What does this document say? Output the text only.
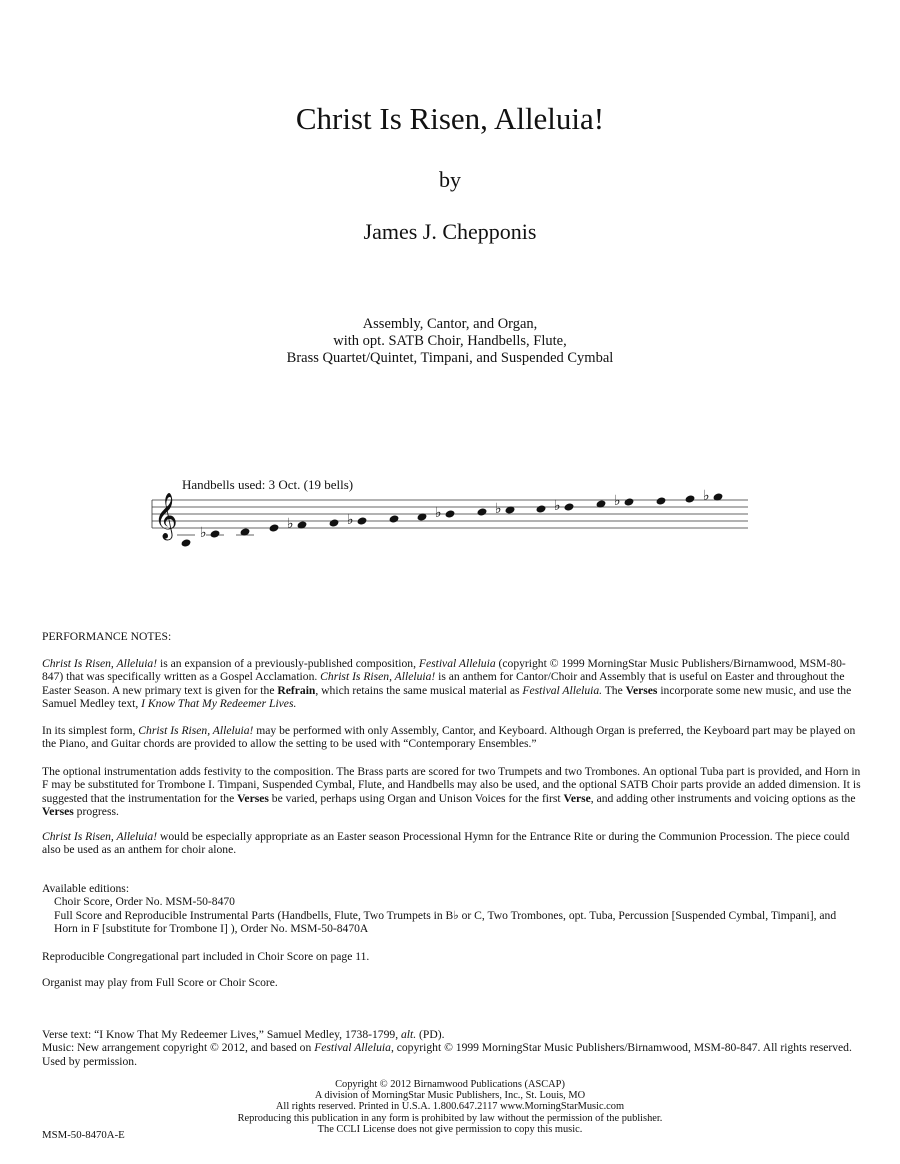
Christ Is Risen, Alleluia!
by
James J. Chepponis
Assembly, Cantor, and Organ,
with opt. SATB Choir, Handbells, Flute,
Brass Quartet/Quintet, Timpani, and Suspended Cymbal
Handbells used: 3 Oct. (19 bells)
𝄞 ♭
♭	♭	♭	♭	♭	♭	♭
PERFORMANCE NOTES:
Christ Is Risen, Alleluia! is an expansion of a previously-published composition, Festival Alleluia (copyright © 1999 MorningStar Music Publishers/Birnamwood, MSM-80-847) that was specifically written as a Gospel Acclamation. Christ Is Risen, Alleluia! is an anthem for Cantor/Choir and Assembly that is useful on Easter and throughout the Easter Season. A new primary text is given for the Refrain, which retains the same musical material as Festival Alleluia. The Verses incorporate some new music, and use the Samuel Medley text, I Know That My Redeemer Lives.
In its simplest form, Christ Is Risen, Alleluia! may be performed with only Assembly, Cantor, and Keyboard. Although Organ is preferred, the Keyboard part may be played on the Piano, and Guitar chords are provided to allow the setting to be used with “Contemporary Ensembles.”
The optional instrumentation adds festivity to the composition. The Brass parts are scored for two Trumpets and two Trombones. An optional Tuba part is provided, and Horn in F may be substituted for Trombone I. Timpani, Suspended Cymbal, Flute, and Handbells may also be used, and the optional SATB Choir parts provide an added dimension. It is suggested that the instrumentation for the Verses be varied, perhaps using Organ and Unison Voices for the first Verse, and adding other instruments and voicing options as the Verses progress.
Christ Is Risen, Alleluia! would be especially appropriate as an Easter season Processional Hymn for the Entrance Rite or during the Communion Procession. The piece could also be used as an anthem for choir alone.
Available editions:
Choir Score, Order No. MSM-50-8470
Full Score and Reproducible Instrumental Parts (Handbells, Flute, Two Trumpets in B♭ or C, Two Trombones, opt. Tuba, Percussion [Suspended Cymbal, Timpani], and Horn in F [substitute for Trombone I] ), Order No. MSM-50-8470A
Reproducible Congregational part included in Choir Score on page 11.
Organist may play from Full Score or Choir Score.
Verse text: “I Know That My Redeemer Lives,” Samuel Medley, 1738-1799, alt. (PD).
Music: New arrangement copyright © 2012, and based on Festival Alleluia, copyright © 1999 MorningStar Music Publishers/Birnamwood, MSM-80-847. All rights reserved. Used by permission.
Copyright © 2012 Birnamwood Publications (ASCAP)
A division of MorningStar Music Publishers, Inc., St. Louis, MO
All rights reserved. Printed in U.S.A. 1.800.647.2117 www.MorningStarMusic.com
Reproducing this publication in any form is prohibited by law without the permission of the publisher.
The CCLI License does not give permission to copy this music.
MSM-50-8470A-E
